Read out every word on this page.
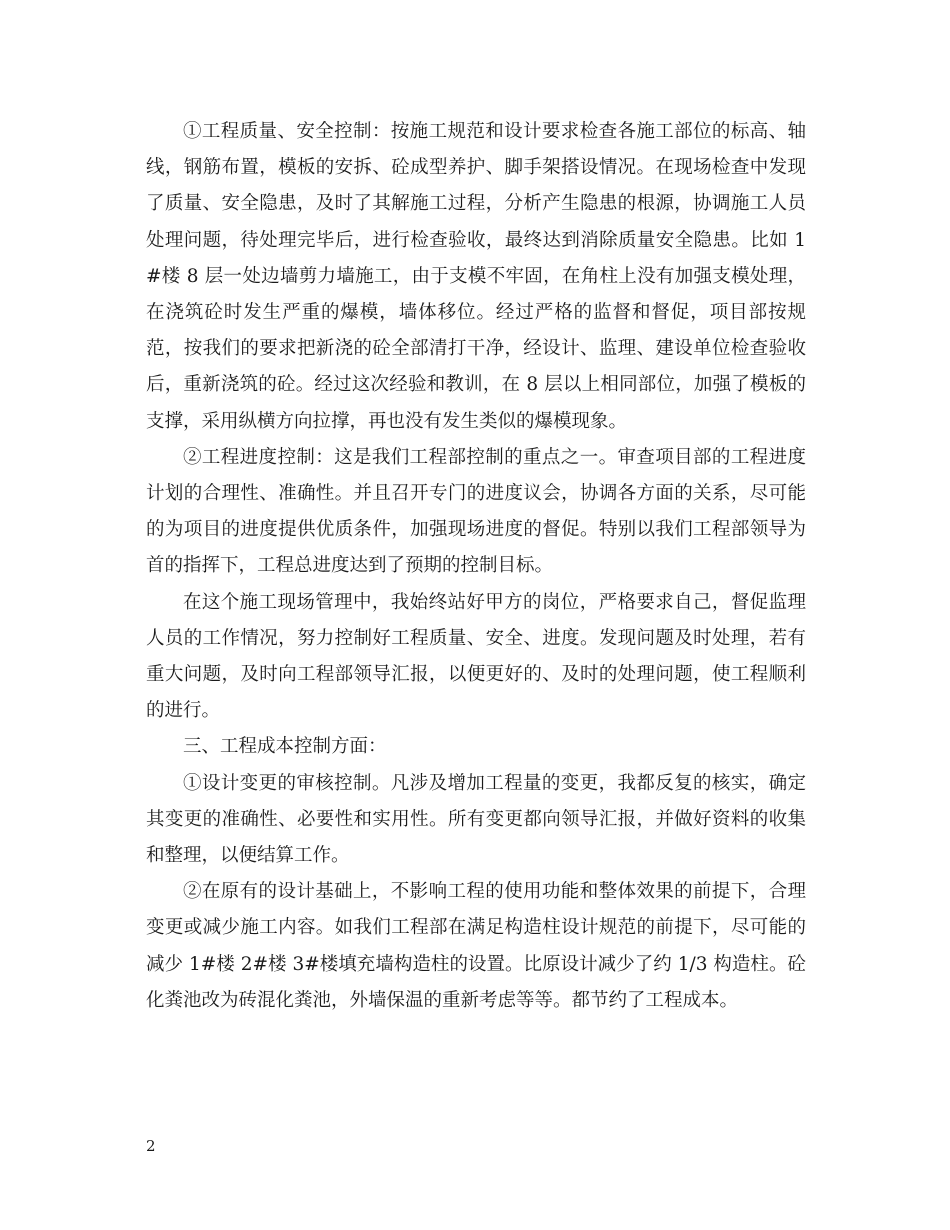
①工程质量、安全控制：按施工规范和设计要求检查各施工部位的标高、轴线，钢筋布置，模板的安拆、砼成型养护、脚手架搭设情况。在现场检查中发现了质量、安全隐患，及时了其解施工过程，分析产生隐患的根源，协调施工人员处理问题，待处理完毕后，进行检查验收，最终达到消除质量安全隐患。比如 1#楼 8 层一处边墙剪力墙施工，由于支模不牢固，在角柱上没有加强支模处理，在浇筑砼时发生严重的爆模，墙体移位。经过严格的监督和督促，项目部按规范，按我们的要求把新浇的砼全部清打干净，经设计、监理、建设单位检查验收后，重新浇筑的砼。经过这次经验和教训，在 8 层以上相同部位，加强了模板的支撑，采用纵横方向拉撑，再也没有发生类似的爆模现象。

②工程进度控制：这是我们工程部控制的重点之一。审查项目部的工程进度计划的合理性、准确性。并且召开专门的进度议会，协调各方面的关系，尽可能的为项目的进度提供优质条件，加强现场进度的督促。特别以我们工程部领导为首的指挥下，工程总进度达到了预期的控制目标。

在这个施工现场管理中，我始终站好甲方的岗位，严格要求自己，督促监理人员的工作情况，努力控制好工程质量、安全、进度。发现问题及时处理，若有重大问题，及时向工程部领导汇报，以便更好的、及时的处理问题，使工程顺利的进行。

三、工程成本控制方面：

①设计变更的审核控制。凡涉及增加工程量的变更，我都反复的核实，确定其变更的准确性、必要性和实用性。所有变更都向领导汇报，并做好资料的收集和整理，以便结算工作。

②在原有的设计基础上，不影响工程的使用功能和整体效果的前提下，合理变更或减少施工内容。如我们工程部在满足构造柱设计规范的前提下，尽可能的减少 1#楼 2#楼 3#楼填充墙构造柱的设置。比原设计减少了约 1/3 构造柱。砼化粪池改为砖混化粪池，外墙保温的重新考虑等等。都节约了工程成本。

2
